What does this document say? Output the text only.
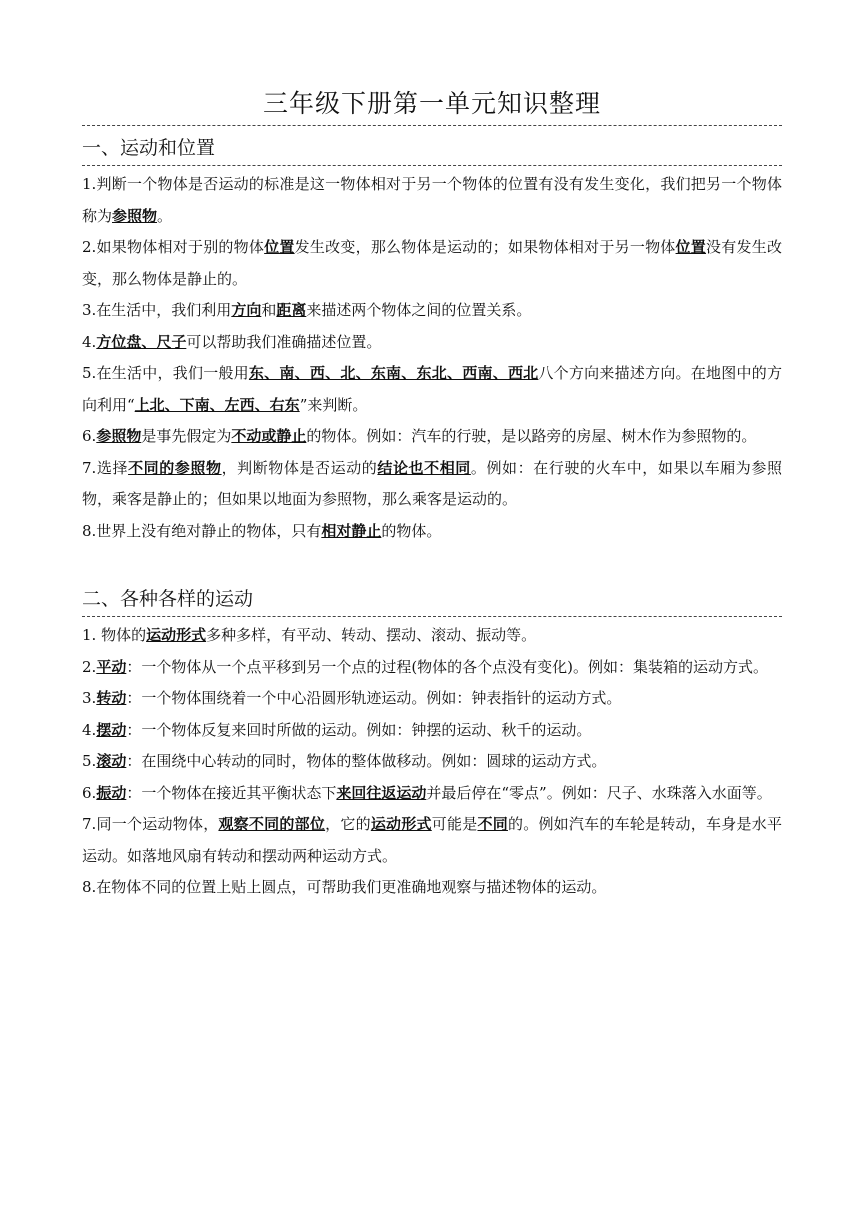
三年级下册第一单元知识整理
一、运动和位置

1.判断一个物体是否运动的标准是这一物体相对于另一个物体的位置有没有发生变化，我们把另一个物体称为参照物。

2.如果物体相对于别的物体位置发生改变，那么物体是运动的；如果物体相对于另一物体位置没有发生改变，那么物体是静止的。

3.在生活中，我们利用方向和距离来描述两个物体之间的位置关系。

4.方位盘、尺子可以帮助我们准确描述位置。

5.在生活中，我们一般用东、南、西、北、东南、东北、西南、西北八个方向来描述方向。在地图中的方向利用“上北、下南、左西、右东”来判断。

6.参照物是事先假定为不动或静止的物体。例如：汽车的行驶，是以路旁的房屋、树木作为参照物的。

7.选择不同的参照物，判断物体是否运动的结论也不相同。例如：在行驶的火车中，如果以车厢为参照物，乘客是静止的；但如果以地面为参照物，那么乘客是运动的。

8.世界上没有绝对静止的物体，只有相对静止的物体。

二、各种各样的运动

1. 物体的运动形式多种多样，有平动、转动、摆动、滚动、振动等。

2.平动：一个物体从一个点平移到另一个点的过程(物体的各个点没有变化)。例如：集装箱的运动方式。

3.转动：一个物体围绕着一个中心沿圆形轨迹运动。例如：钟表指针的运动方式。

4.摆动：一个物体反复来回时所做的运动。例如：钟摆的运动、秋千的运动。

5.滚动：在围绕中心转动的同时，物体的整体做移动。例如：圆球的运动方式。

6.振动：一个物体在接近其平衡状态下来回往返运动并最后停在“零点”。例如：尺子、水珠落入水面等。

7.同一个运动物体，观察不同的部位，它的运动形式可能是不同的。例如汽车的车轮是转动，车身是水平运动。如落地风扇有转动和摆动两种运动方式。

8.在物体不同的位置上贴上圆点，可帮助我们更准确地观察与描述物体的运动。
